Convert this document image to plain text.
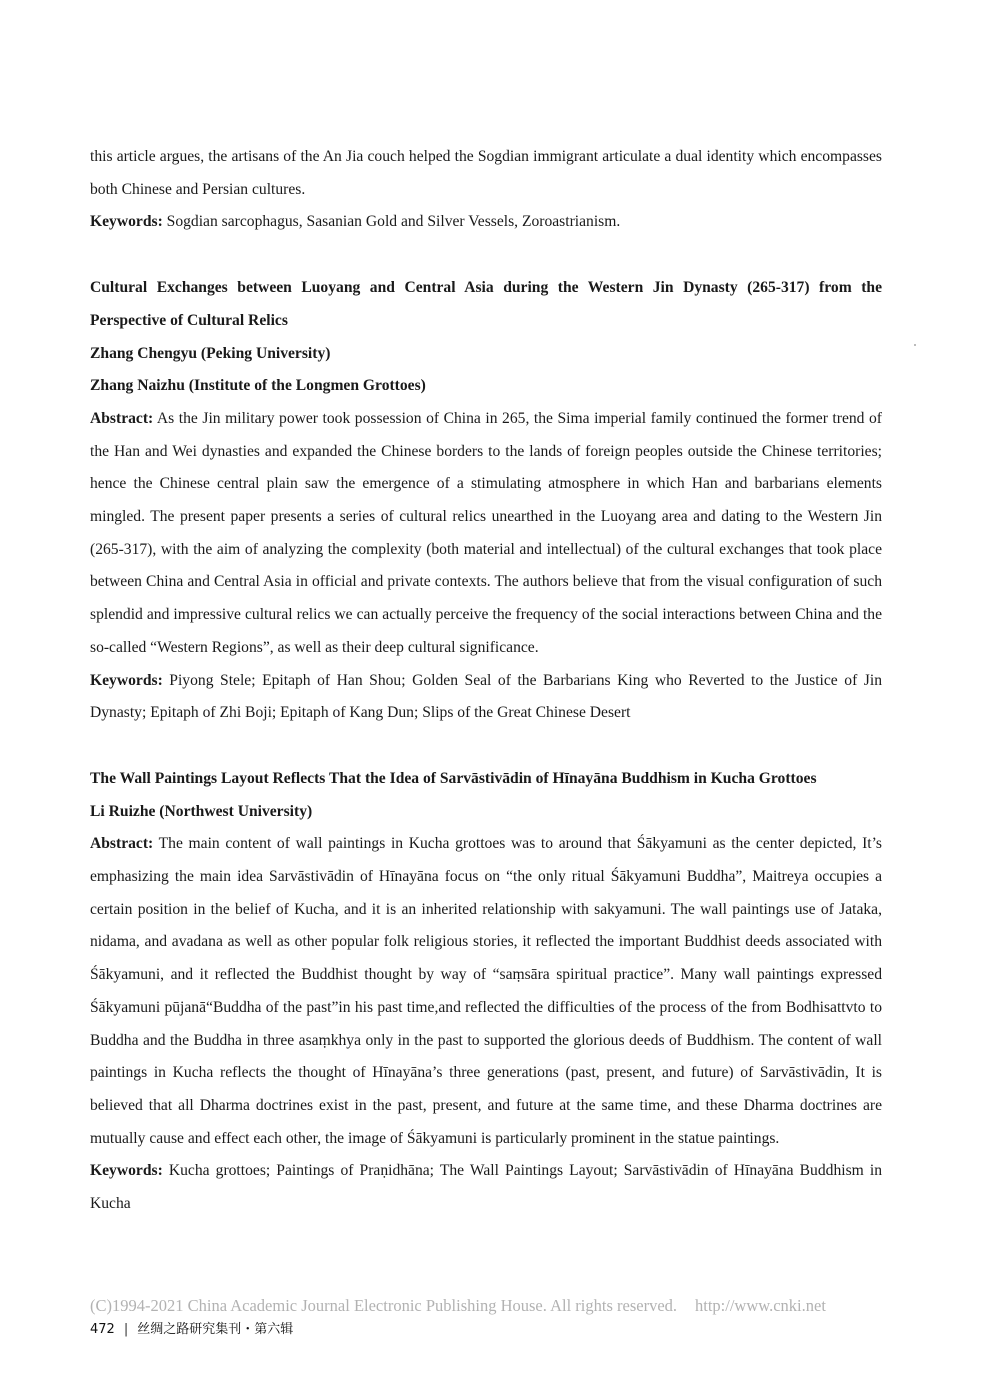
this article argues, the artisans of the An Jia couch helped the Sogdian immigrant articulate a dual identity which encompasses both Chinese and Persian cultures.

Keywords: Sogdian sarcophagus, Sasanian Gold and Silver Vessels, Zoroastrianism.

Cultural Exchanges between Luoyang and Central Asia during the Western Jin Dynasty (265-317) from the Perspective of Cultural Relics

Zhang Chengyu (Peking University)

Zhang Naizhu (Institute of the Longmen Grottoes)

Abstract: As the Jin military power took possession of China in 265, the Sima imperial family continued the former trend of the Han and Wei dynasties and expanded the Chinese borders to the lands of foreign peoples outside the Chinese territories; hence the Chinese central plain saw the emergence of a stimulating atmosphere in which Han and barbarians elements mingled. The present paper presents a series of cultural relics unearthed in the Luoyang area and dating to the Western Jin (265-317), with the aim of analyzing the complexity (both material and intellectual) of the cultural exchanges that took place between China and Central Asia in official and private contexts. The authors believe that from the visual configuration of such splendid and impressive cultural relics we can actually perceive the frequency of the social interactions between China and the so-called “Western Regions”, as well as their deep cultural significance.

Keywords: Piyong Stele; Epitaph of Han Shou; Golden Seal of the Barbarians King who Reverted to the Justice of Jin Dynasty; Epitaph of Zhi Boji; Epitaph of Kang Dun; Slips of the Great Chinese Desert

The Wall Paintings Layout Reflects That the Idea of Sarvāstivādin of Hīnayāna Buddhism in Kucha Grottoes

Li Ruizhe (Northwest University)

Abstract: The main content of wall paintings in Kucha grottoes was to around that Śākyamuni as the center depicted, It’s emphasizing the main idea Sarvāstivādin of Hīnayāna focus on “the only ritual Śākyamuni Buddha”, Maitreya occupies a certain position in the belief of Kucha, and it is an inherited relationship with sakyamuni. The wall paintings use of Jataka, nidama, and avadana as well as other popular folk religious stories, it reflected the important Buddhist deeds associated with Śākyamuni, and it reflected the Buddhist thought by way of “saṃsāra spiritual practice”. Many wall paintings expressed Śākyamuni pūjanā“Buddha of the past”in his past time,and reflected the difficulties of the process of the from Bodhisattvto to Buddha and the Buddha in three asaṃkhya only in the past to supported the glorious deeds of Buddhism. The content of wall paintings in Kucha reflects the thought of Hīnayāna’s three generations (past, present, and future) of Sarvāstivādin, It is believed that all Dharma doctrines exist in the past, present, and future at the same time, and these Dharma doctrines are mutually cause and effect each other, the image of Śākyamuni is particularly prominent in the statue paintings.

Keywords: Kucha grottoes; Paintings of Praṇidhāna; The Wall Paintings Layout; Sarvāstivādin of Hīnayāna Buddhism in Kucha

(C)1994-2021 China Academic Journal Electronic Publishing House. All rights reserved. http://www.cnki.net
472 | 丝绸之路研究集刊・第六辑
